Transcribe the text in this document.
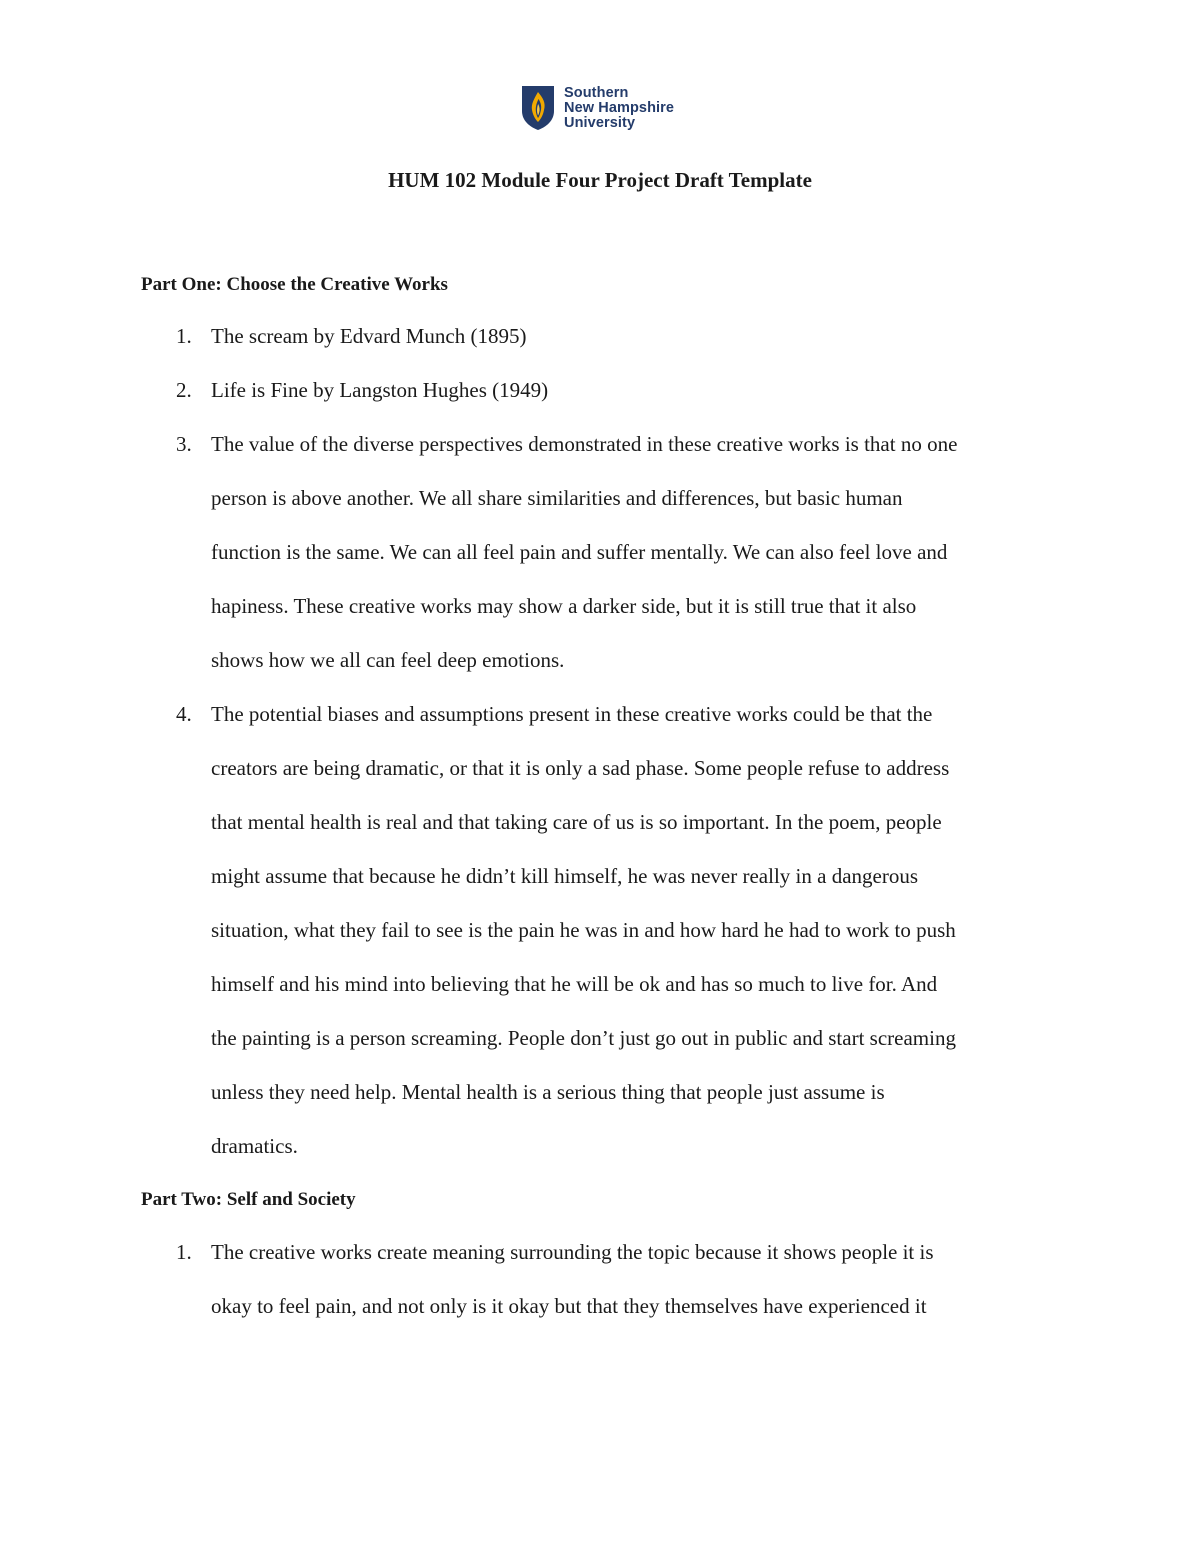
Southern
New Hampshire
University
HUM 102 Module Four Project Draft Template
Part One: Choose the Creative Works
1. The scream by Edvard Munch (1895)
2. Life is Fine by Langston Hughes (1949)
3. The value of the diverse perspectives demonstrated in these creative works is that no one
person is above another. We all share similarities and differences, but basic human
function is the same. We can all feel pain and suffer mentally. We can also feel love and
hapiness. These creative works may show a darker side, but it is still true that it also
shows how we all can feel deep emotions.
4. The potential biases and assumptions present in these creative works could be that the
creators are being dramatic, or that it is only a sad phase. Some people refuse to address
that mental health is real and that taking care of us is so important. In the poem, people
might assume that because he didn’t kill himself, he was never really in a dangerous
situation, what they fail to see is the pain he was in and how hard he had to work to push
himself and his mind into believing that he will be ok and has so much to live for. And
the painting is a person screaming. People don’t just go out in public and start screaming
unless they need help. Mental health is a serious thing that people just assume is
dramatics.
Part Two: Self and Society
1. The creative works create meaning surrounding the topic because it shows people it is
okay to feel pain, and not only is it okay but that they themselves have experienced it
